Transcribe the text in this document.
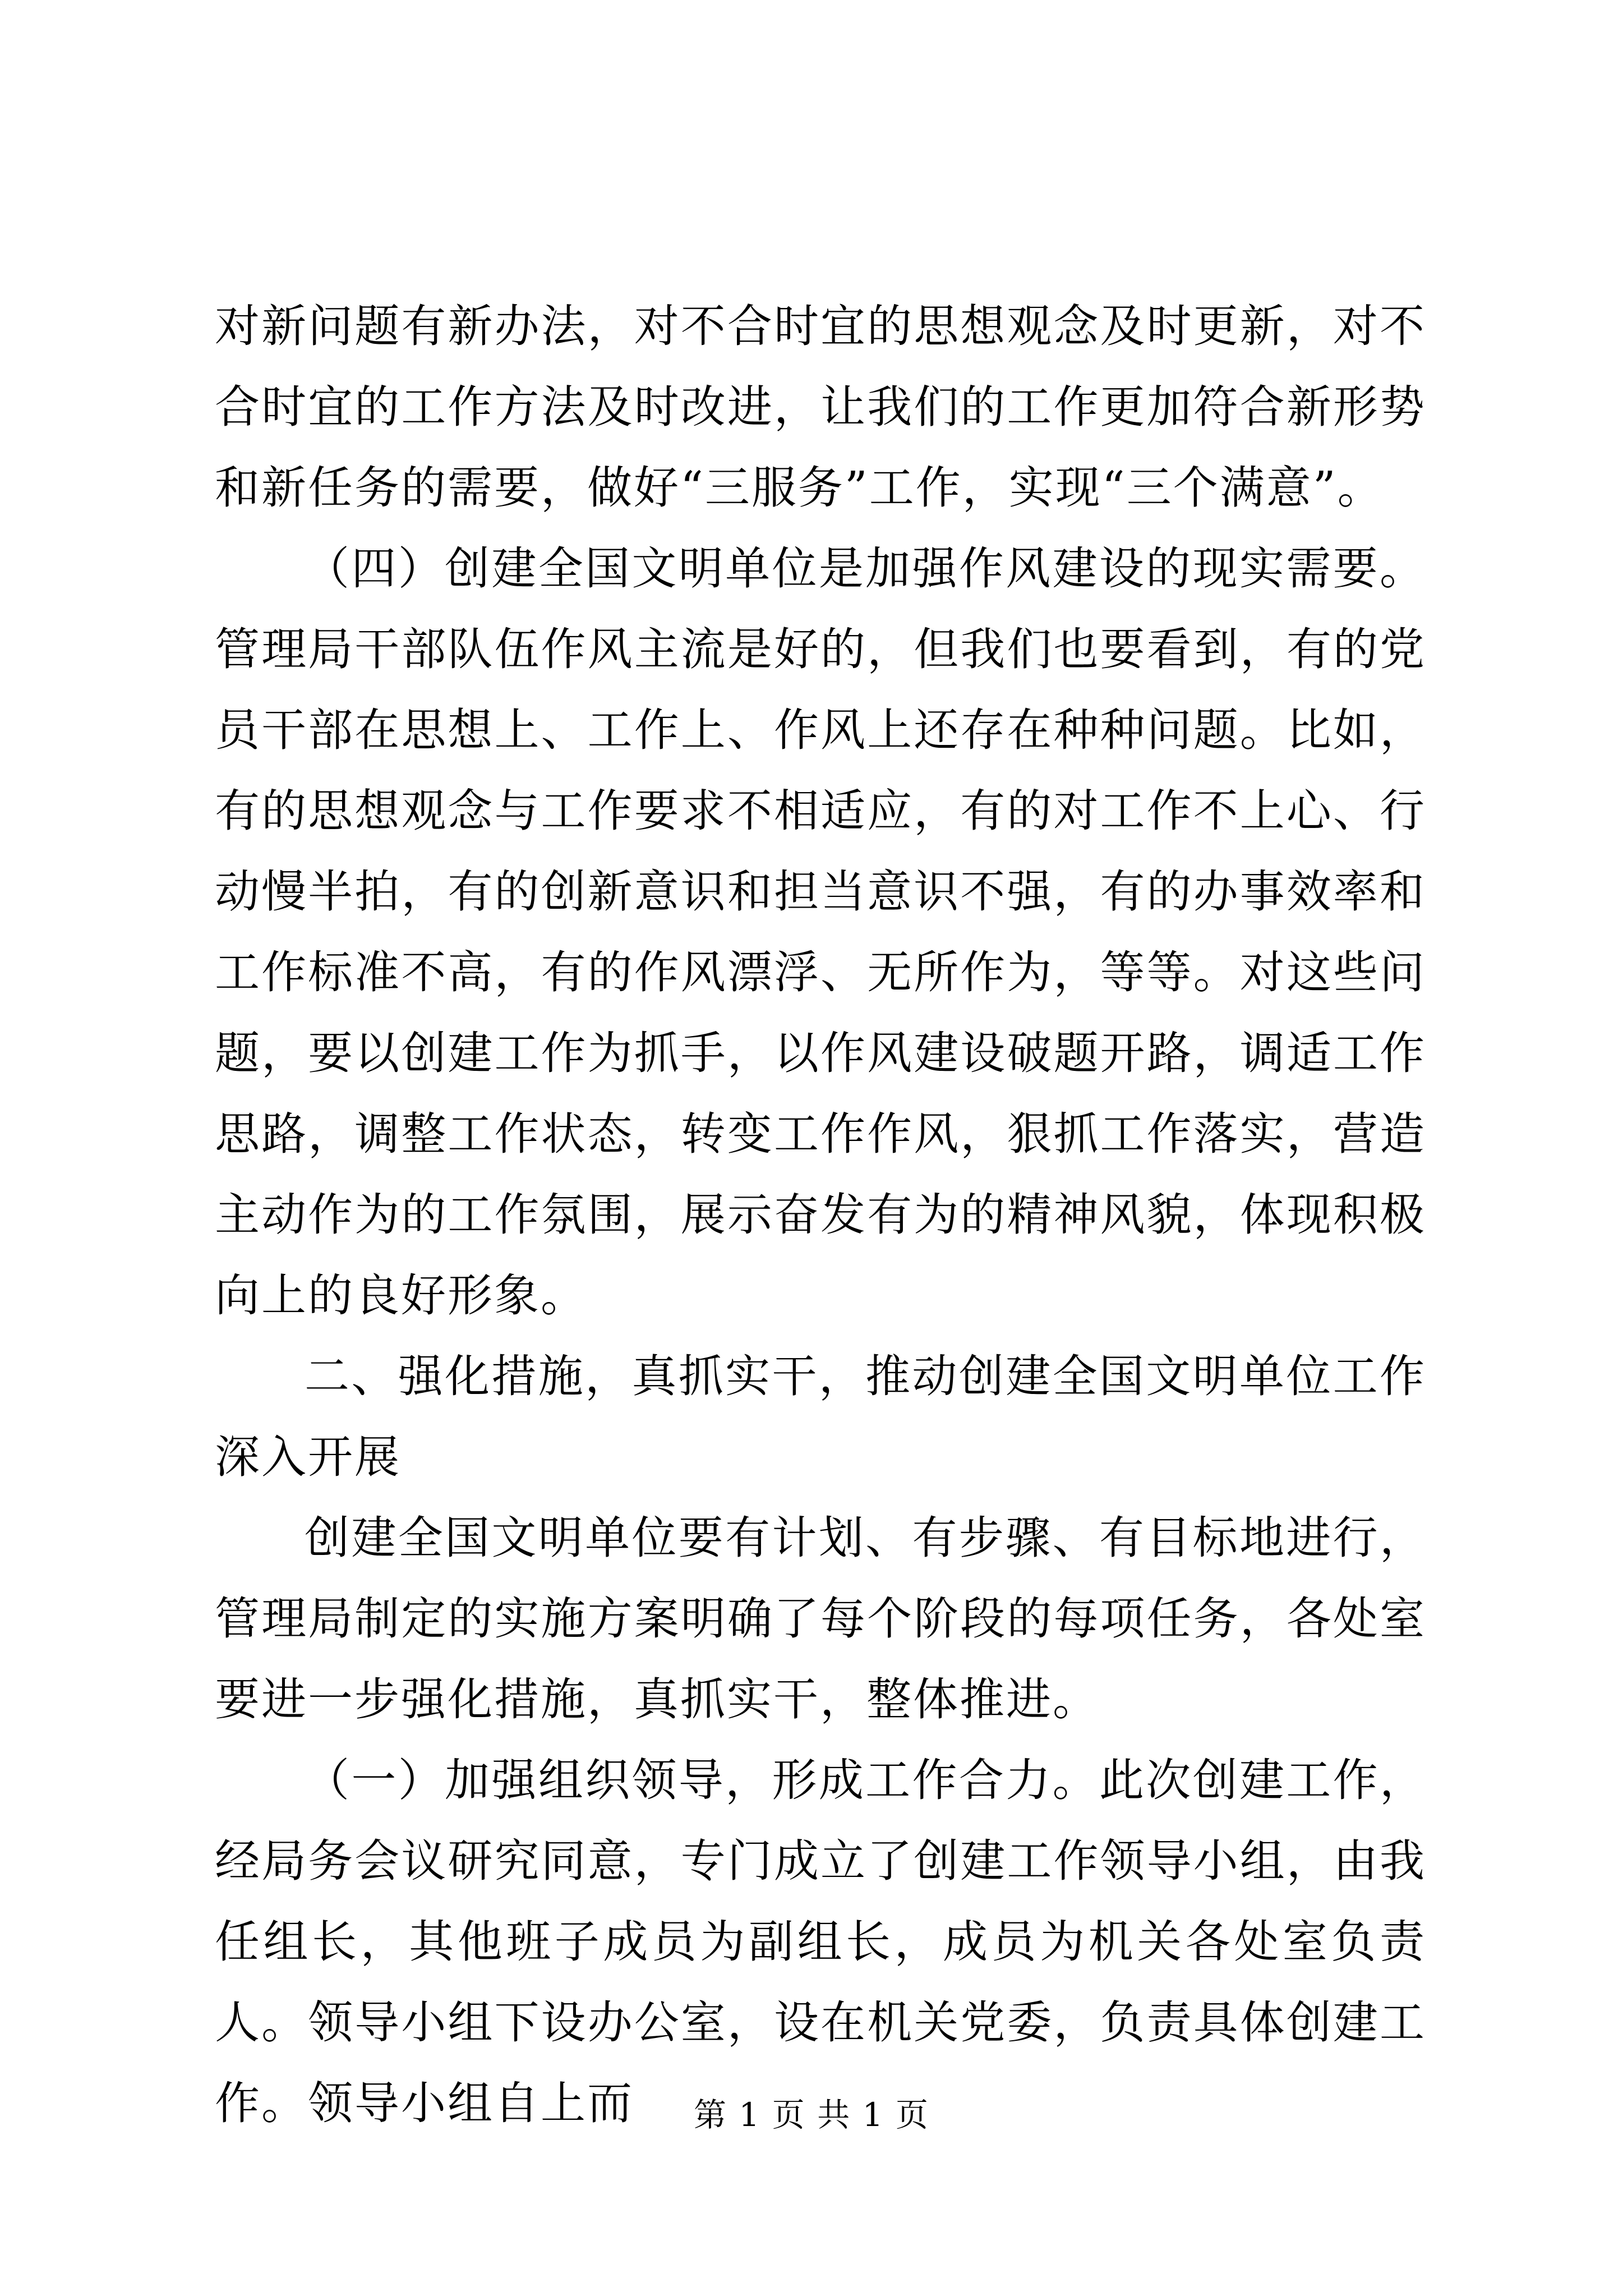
对新问题有新办法，对不合时宜的思想观念及时更新，对不合时宜的工作方法及时改进，让我们的工作更加符合新形势和新任务的需要，做好“三服务”工作，实现“三个满意”。

（四）创建全国文明单位是加强作风建设的现实需要。管理局干部队伍作风主流是好的，但我们也要看到，有的党员干部在思想上、工作上、作风上还存在种种问题。比如，有的思想观念与工作要求不相适应，有的对工作不上心、行动慢半拍，有的创新意识和担当意识不强，有的办事效率和工作标准不高，有的作风漂浮、无所作为，等等。对这些问题，要以创建工作为抓手，以作风建设破题开路，调适工作思路，调整工作状态，转变工作作风，狠抓工作落实，营造主动作为的工作氛围，展示奋发有为的精神风貌，体现积极向上的良好形象。

二、强化措施，真抓实干，推动创建全国文明单位工作深入开展

创建全国文明单位要有计划、有步骤、有目标地进行，管理局制定的实施方案明确了每个阶段的每项任务，各处室要进一步强化措施，真抓实干，整体推进。

（一）加强组织领导，形成工作合力。此次创建工作，经局务会议研究同意，专门成立了创建工作领导小组，由我任组长，其他班子成员为副组长，成员为机关各处室负责人。领导小组下设办公室，设在机关党委，负责具体创建工作。领导小组自上而	第 1 页 共 1 页
